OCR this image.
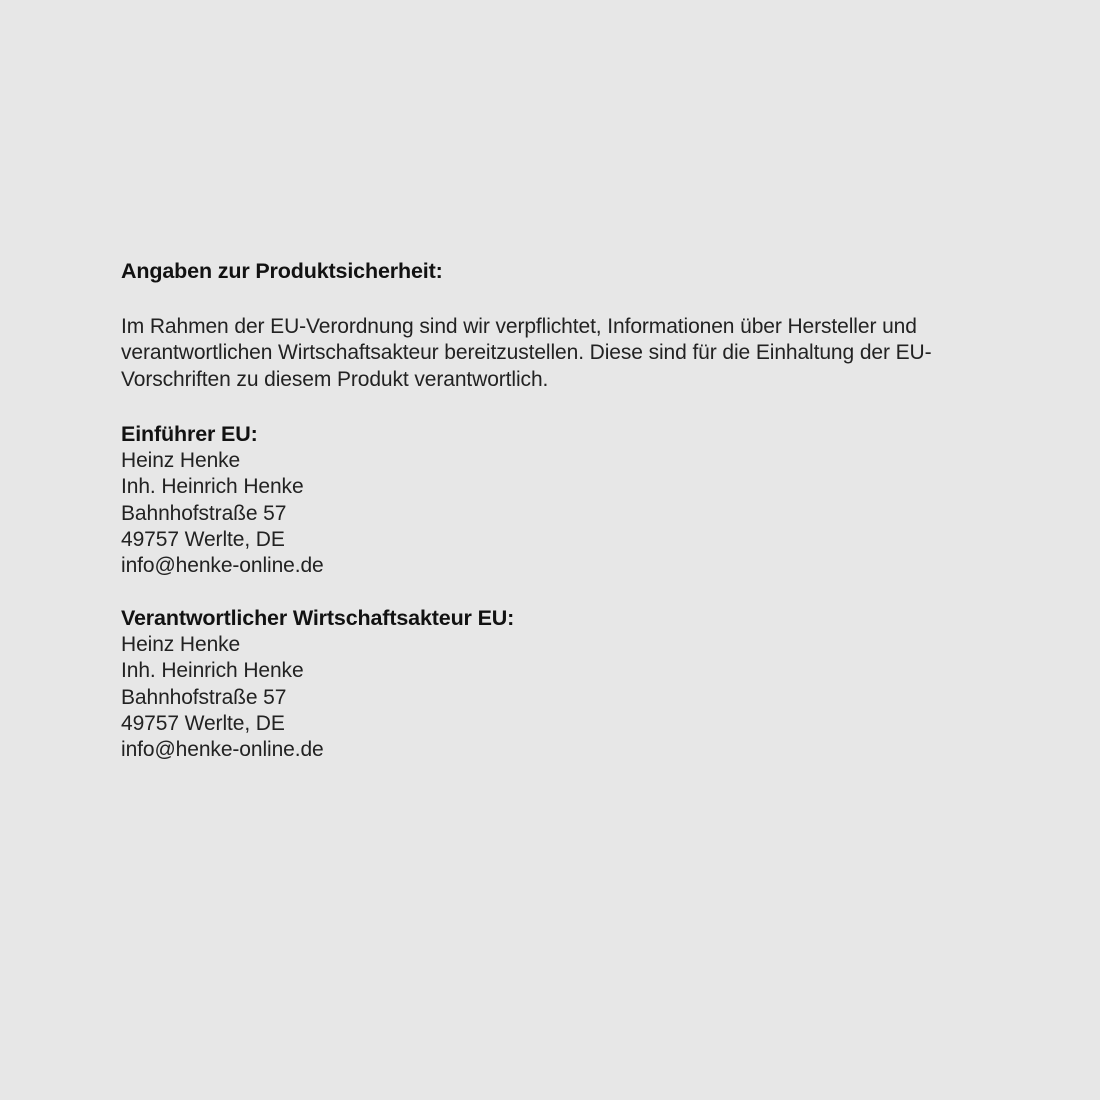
Angaben zur Produktsicherheit:

Im Rahmen der EU-Verordnung sind wir verpflichtet, Informationen über Hersteller und verantwortlichen Wirtschaftsakteur bereitzustellen. Diese sind für die Einhaltung der EU-Vorschriften zu diesem Produkt verantwortlich.

Einführer EU:

Heinz Henke

Inh. Heinrich Henke

Bahnhofstraße 57

49757 Werlte, DE

info@henke-online.de

Verantwortlicher Wirtschaftsakteur EU:

Heinz Henke

Inh. Heinrich Henke

Bahnhofstraße 57

49757 Werlte, DE

info@henke-online.de
